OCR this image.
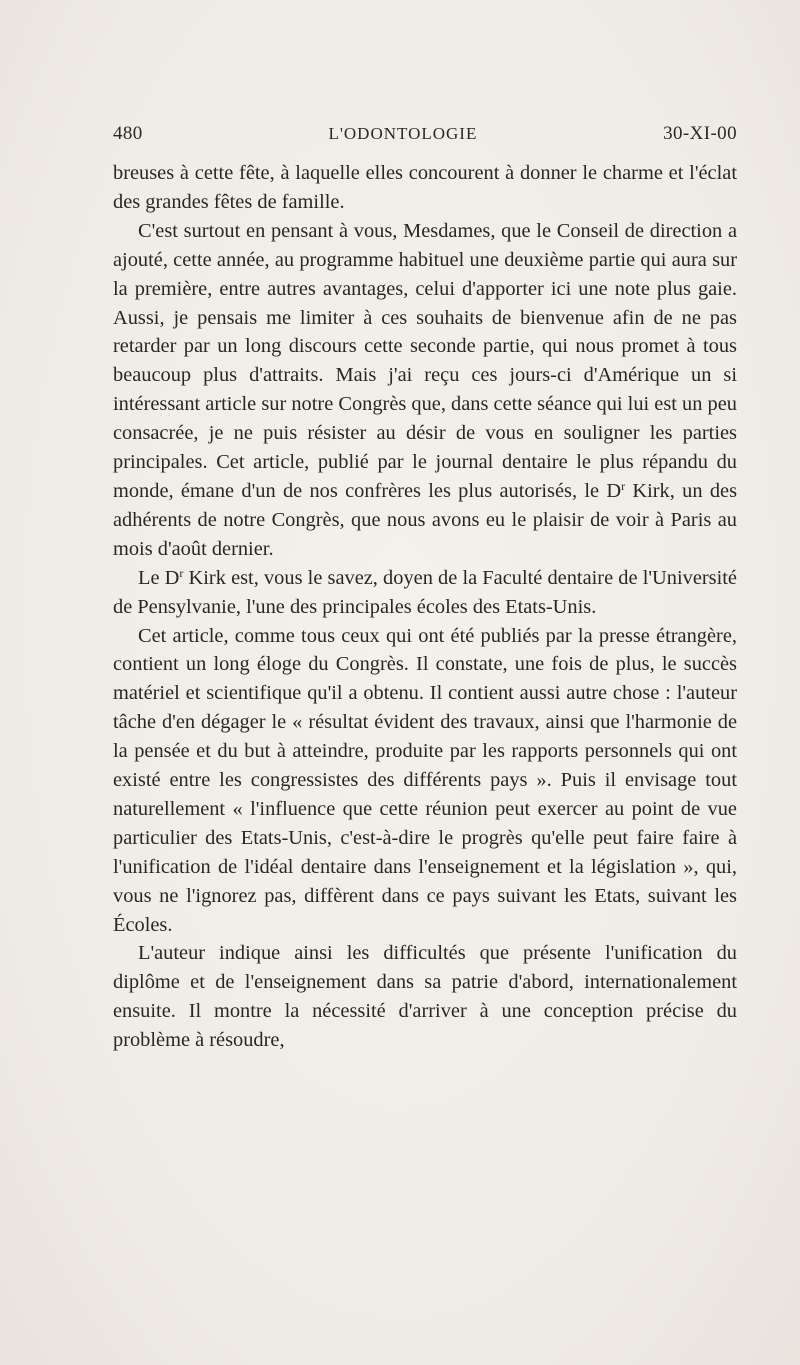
480	L'ODONTOLOGIE	30-XI-00

breuses à cette fête, à laquelle elles concourent à donner le charme et l'éclat des grandes fêtes de famille.

C'est surtout en pensant à vous, Mesdames, que le Conseil de direction a ajouté, cette année, au programme habituel une deuxième partie qui aura sur la première, entre autres avantages, celui d'apporter ici une note plus gaie. Aussi, je pensais me limiter à ces souhaits de bienvenue afin de ne pas retarder par un long discours cette seconde partie, qui nous promet à tous beaucoup plus d'attraits. Mais j'ai reçu ces jours-ci d'Amérique un si intéressant article sur notre Congrès que, dans cette séance qui lui est un peu consacrée, je ne puis résister au désir de vous en souligner les parties principales. Cet article, publié par le journal dentaire le plus répandu du monde, émane d'un de nos confrères les plus autorisés, le $D^r$ Kirk, un des adhérents de notre Congrès, que nous avons eu le plaisir de voir à Paris au mois d'août dernier.

Le $D^r$ Kirk est, vous le savez, doyen de la Faculté dentaire de l'Université de Pensylvanie, l'une des principales écoles des Etats-Unis.

Cet article, comme tous ceux qui ont été publiés par la presse étrangère, contient un long éloge du Congrès. Il constate, une fois de plus, le succès matériel et scientifique qu'il a obtenu. Il contient aussi autre chose : l'auteur tâche d'en dégager le « résultat évident des travaux, ainsi que l'harmonie de la pensée et du but à atteindre, produite par les rapports personnels qui ont existé entre les congressistes des différents pays ». Puis il envisage tout naturellement « l'influence que cette réunion peut exercer au point de vue particulier des Etats-Unis, c'est-à-dire le progrès qu'elle peut faire faire à l'unification de l'idéal dentaire dans l'enseignement et la législation », qui, vous ne l'ignorez pas, diffèrent dans ce pays suivant les Etats, suivant les Écoles.

L'auteur indique ainsi les difficultés que présente l'unification du diplôme et de l'enseignement dans sa patrie d'abord, internationalement ensuite. Il montre la nécessité d'arriver à une conception précise du problème à résoudre,
